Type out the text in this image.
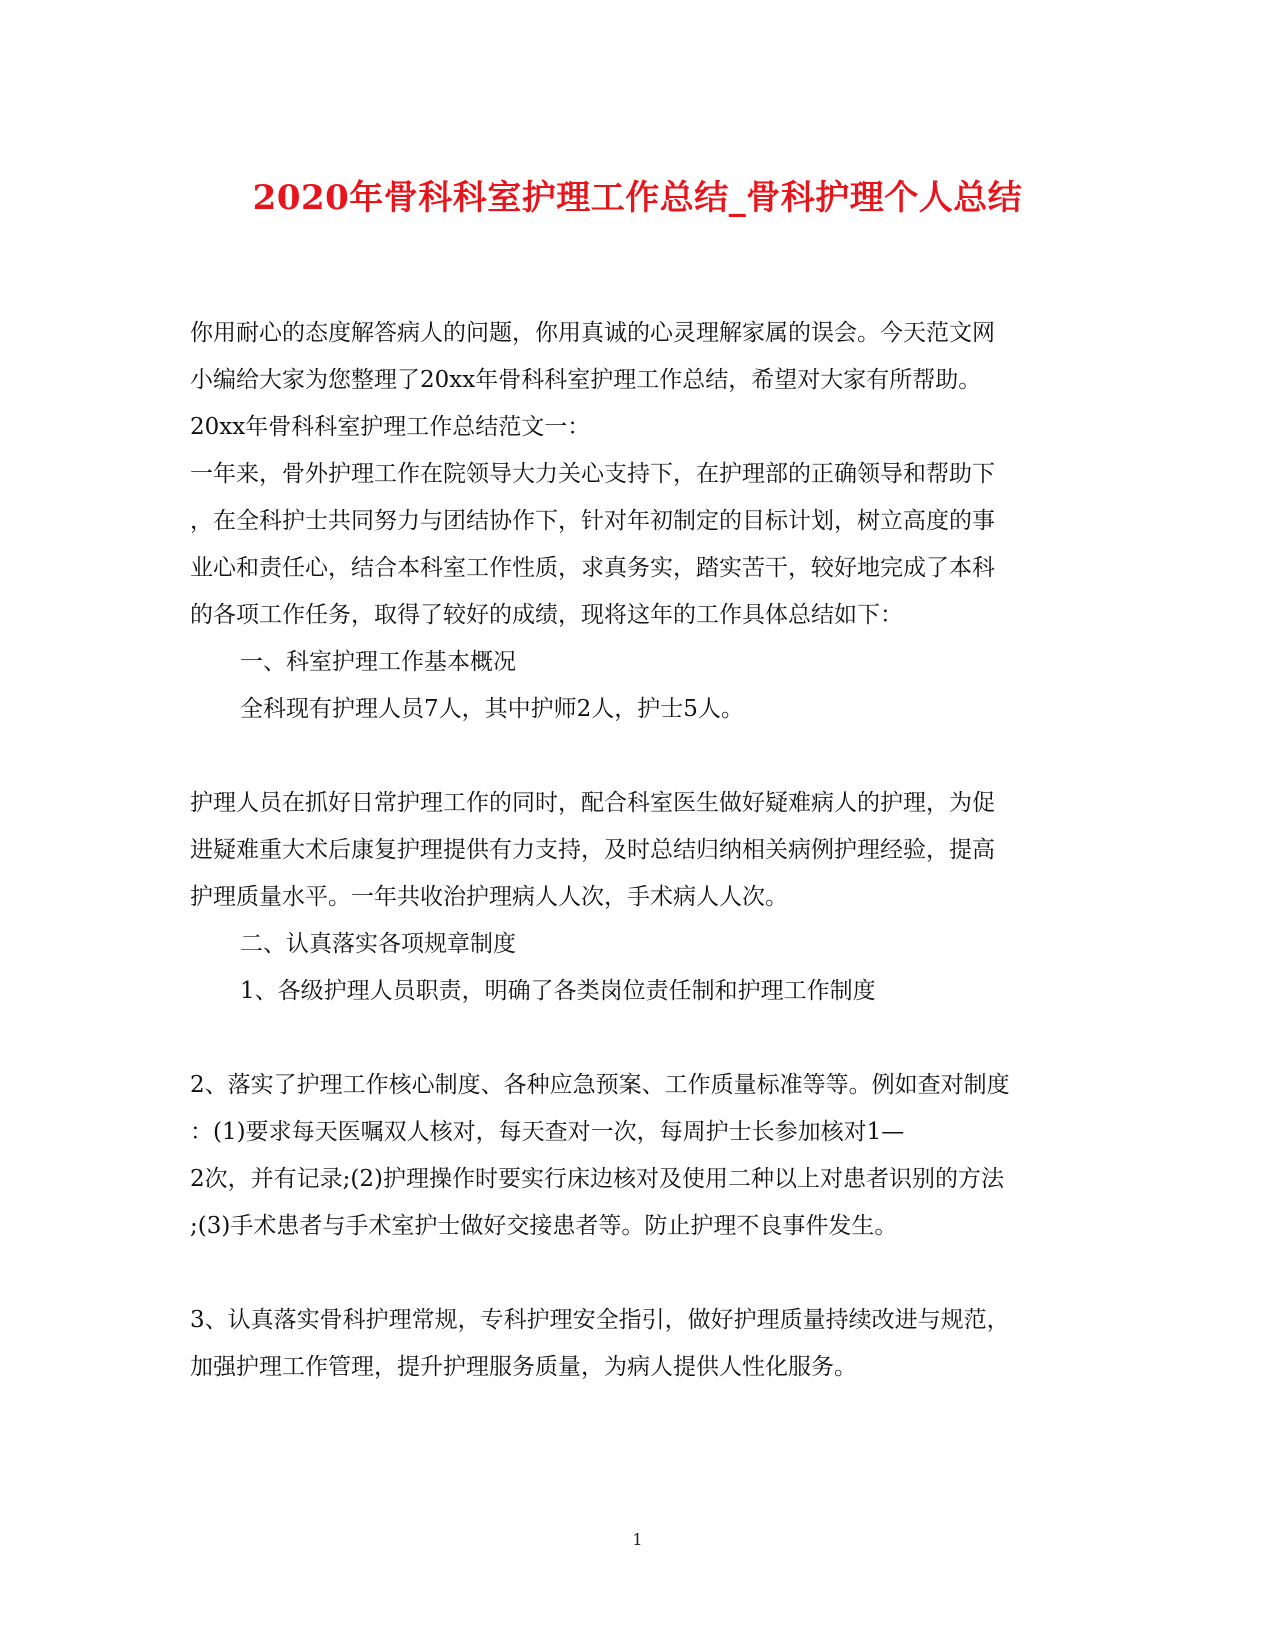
2020年骨科科室护理工作总结_骨科护理个人总结
你用耐心的态度解答病人的问题，你用真诚的心灵理解家属的误会。今天范文网
小编给大家为您整理了20xx年骨科科室护理工作总结，希望对大家有所帮助。
20xx年骨科科室护理工作总结范文一：
一年来，骨外护理工作在院领导大力关心支持下，在护理部的正确领导和帮助下
，在全科护士共同努力与团结协作下，针对年初制定的目标计划，树立高度的事
业心和责任心，结合本科室工作性质，求真务实，踏实苦干，较好地完成了本科
的各项工作任务，取得了较好的成绩，现将这年的工作具体总结如下：
一、科室护理工作基本概况
全科现有护理人员7人，其中护师2人，护士5人。
护理人员在抓好日常护理工作的同时，配合科室医生做好疑难病人的护理，为促
进疑难重大术后康复护理提供有力支持，及时总结归纳相关病例护理经验，提高
护理质量水平。一年共收治护理病人人次，手术病人人次。
二、认真落实各项规章制度
1、各级护理人员职责，明确了各类岗位责任制和护理工作制度
2、落实了护理工作核心制度、各种应急预案、工作质量标准等等。例如查对制度
：(1)要求每天医嘱双人核对，每天查对一次，每周护士长参加核对1—
2次，并有记录;(2)护理操作时要实行床边核对及使用二种以上对患者识别的方法
;(3)手术患者与手术室护士做好交接患者等。防止护理不良事件发生。
3、认真落实骨科护理常规，专科护理安全指引，做好护理质量持续改进与规范，
加强护理工作管理，提升护理服务质量，为病人提供人性化服务。
1
